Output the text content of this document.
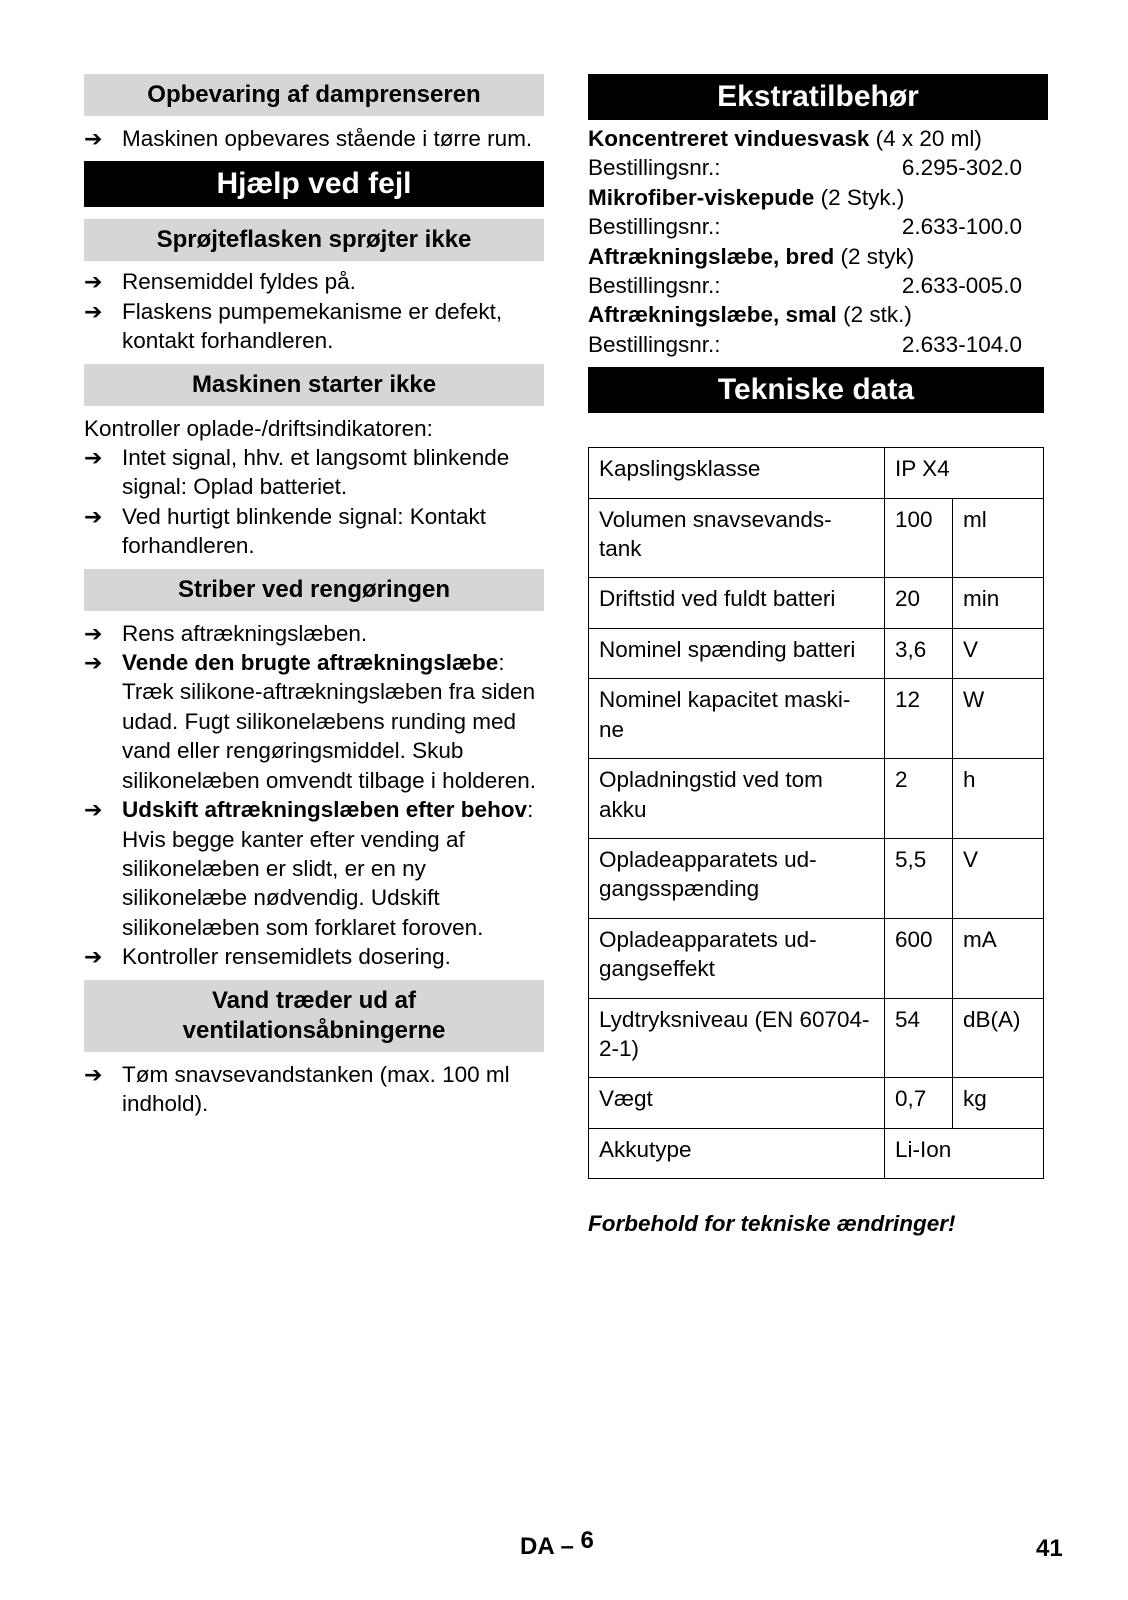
Opbevaring af damprenseren
➔ Maskinen opbevares stående i tørre rum.
Hjælp ved fejl
Sprøjteflasken sprøjter ikke
➔ Rensemiddel fyldes på.
➔ Flaskens pumpemekanisme er defekt, kontakt forhandleren.
Maskinen starter ikke
Kontroller oplade-/driftsindikatoren:
➔ Intet signal, hhv. et langsomt blinkende signal: Oplad batteriet.
➔ Ved hurtigt blinkende signal: Kontakt forhandleren.
Striber ved rengøringen
➔ Rens aftrækningslæben.
➔ Vende den brugte aftrækningslæbe: Træk silikone-aftrækningslæben fra siden udad. Fugt silikonelæbens runding med vand eller rengøringsmiddel. Skub silikonelæben omvendt tilbage i holderen.
➔ Udskift aftrækningslæben efter behov:
Hvis begge kanter efter vending af silikonelæben er slidt, er en ny silikonelæbe nødvendig. Udskift silikonelæben som forklaret foroven.
➔ Kontroller rensemidlets dosering.
Vand træder ud af
ventilationsåbningerne
➔ Tøm snavsevandstanken (max. 100 ml indhold).
Ekstratilbehør
Koncentreret vinduesvask (4 x 20 ml)
Bestillingsnr.:	6.295-302.0
Mikrofiber-viskepude (2 Styk.)
Bestillingsnr.:	2.633-100.0
Aftrækningslæbe, bred (2 styk)
Bestillingsnr.:	2.633-005.0
Aftrækningslæbe, smal (2 stk.)
Bestillingsnr.:	2.633-104.0
Tekniske data
Kapslingsklasse	IP X4	
Volumen snavsevands-tank	100	ml
Driftstid ved fuldt batteri	20	min
Nominel spænding batteri	3,6	V
Nominel kapacitet maski-ne	12	W
Opladningstid ved tom akku	2	h
Opladeapparatets ud-gangsspænding	5,5	V
Opladeapparatets ud-gangseffekt	600	mA
Lydtryksniveau (EN 60704-2-1)	54	dB(A)
Vægt	0,7	kg
Akkutype	Li-Ion	
Forbehold for tekniske ændringer!
DA – 6	41
